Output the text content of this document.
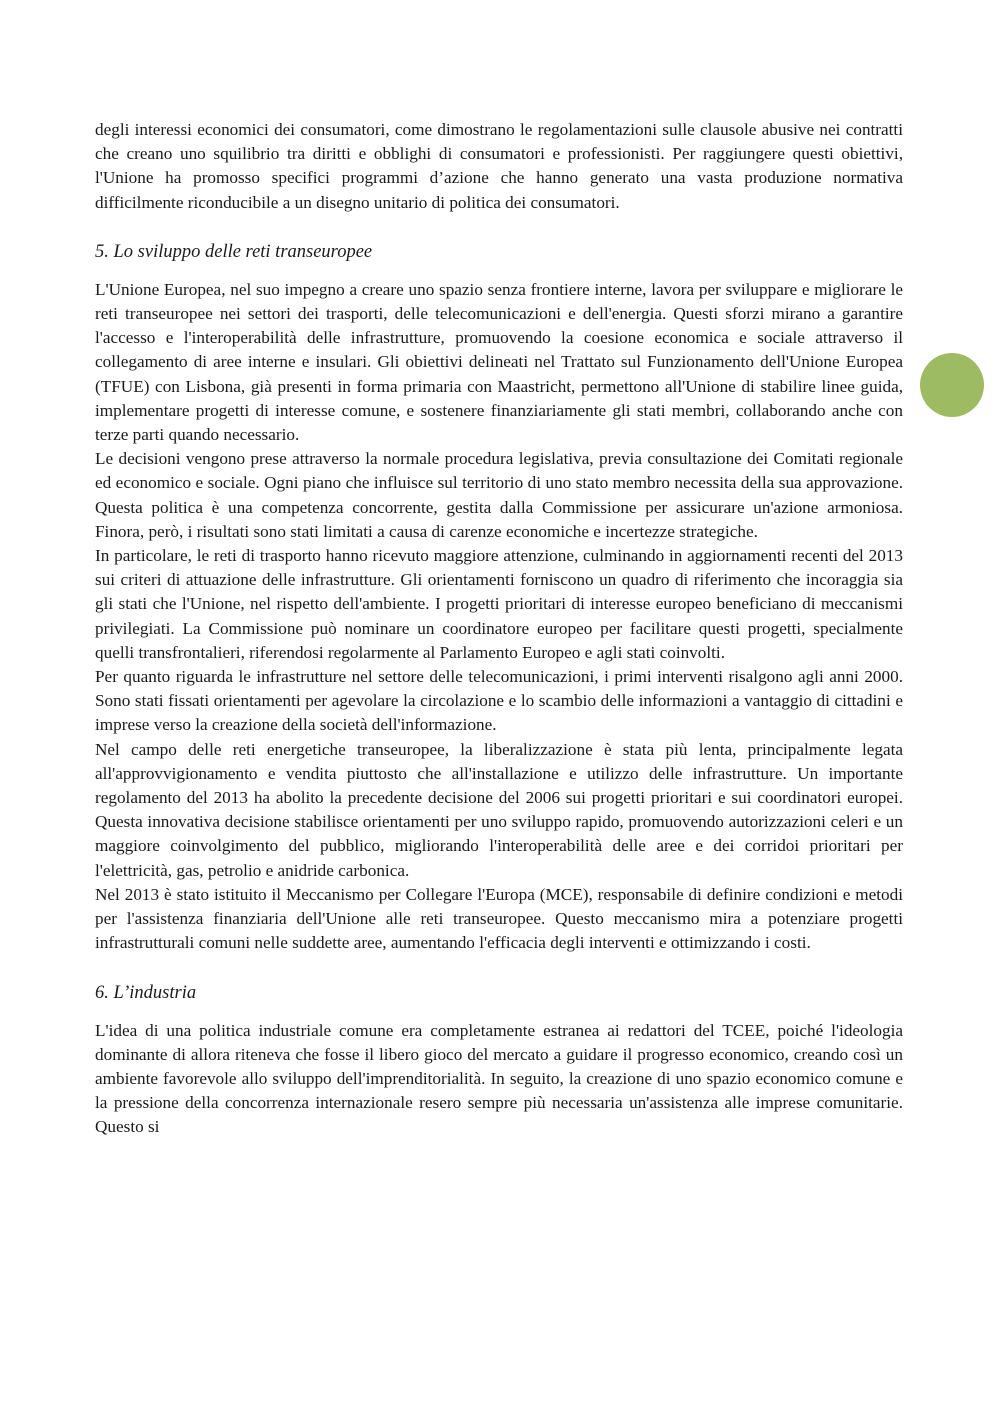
degli interessi economici dei consumatori, come dimostrano le regolamentazioni sulle clausole abusive nei contratti che creano uno squilibrio tra diritti e obblighi di consumatori e professionisti. Per raggiungere questi obiettivi, l'Unione ha promosso specifici programmi d’azione che hanno generato una vasta produzione normativa difficilmente riconducibile a un disegno unitario di politica dei consumatori.

5. Lo sviluppo delle reti transeuropee

L'Unione Europea, nel suo impegno a creare uno spazio senza frontiere interne, lavora per sviluppare e migliorare le reti transeuropee nei settori dei trasporti, delle telecomunicazioni e dell'energia. Questi sforzi mirano a garantire l'accesso e l'interoperabilità delle infrastrutture, promuovendo la coesione economica e sociale attraverso il collegamento di aree interne e insulari. Gli obiettivi delineati nel Trattato sul Funzionamento dell'Unione Europea (TFUE) con Lisbona, già presenti in forma primaria con Maastricht, permettono all'Unione di stabilire linee guida, implementare progetti di interesse comune, e sostenere finanziariamente gli stati membri, collaborando anche con terze parti quando necessario.

Le decisioni vengono prese attraverso la normale procedura legislativa, previa consultazione dei Comitati regionale ed economico e sociale. Ogni piano che influisce sul territorio di uno stato membro necessita della sua approvazione. Questa politica è una competenza concorrente, gestita dalla Commissione per assicurare un'azione armoniosa. Finora, però, i risultati sono stati limitati a causa di carenze economiche e incertezze strategiche.

In particolare, le reti di trasporto hanno ricevuto maggiore attenzione, culminando in aggiornamenti recenti del 2013 sui criteri di attuazione delle infrastrutture. Gli orientamenti forniscono un quadro di riferimento che incoraggia sia gli stati che l'Unione, nel rispetto dell'ambiente. I progetti prioritari di interesse europeo beneficiano di meccanismi privilegiati. La Commissione può nominare un coordinatore europeo per facilitare questi progetti, specialmente quelli transfrontalieri, riferendosi regolarmente al Parlamento Europeo e agli stati coinvolti.

Per quanto riguarda le infrastrutture nel settore delle telecomunicazioni, i primi interventi risalgono agli anni 2000. Sono stati fissati orientamenti per agevolare la circolazione e lo scambio delle informazioni a vantaggio di cittadini e imprese verso la creazione della società dell'informazione.

Nel campo delle reti energetiche transeuropee, la liberalizzazione è stata più lenta, principalmente legata all'approvvigionamento e vendita piuttosto che all'installazione e utilizzo delle infrastrutture. Un importante regolamento del 2013 ha abolito la precedente decisione del 2006 sui progetti prioritari e sui coordinatori europei. Questa innovativa decisione stabilisce orientamenti per uno sviluppo rapido, promuovendo autorizzazioni celeri e un maggiore coinvolgimento del pubblico, migliorando l'interoperabilità delle aree e dei corridoi prioritari per l'elettricità, gas, petrolio e anidride carbonica.

Nel 2013 è stato istituito il Meccanismo per Collegare l'Europa (MCE), responsabile di definire condizioni e metodi per l'assistenza finanziaria dell'Unione alle reti transeuropee. Questo meccanismo mira a potenziare progetti infrastrutturali comuni nelle suddette aree, aumentando l'efficacia degli interventi e ottimizzando i costi.

6. L’industria

L'idea di una politica industriale comune era completamente estranea ai redattori del TCEE, poiché l'ideologia dominante di allora riteneva che fosse il libero gioco del mercato a guidare il progresso economico, creando così un ambiente favorevole allo sviluppo dell'imprenditorialità. In seguito, la creazione di uno spazio economico comune e la pressione della concorrenza internazionale resero sempre più necessaria un'assistenza alle imprese comunitarie. Questo si
